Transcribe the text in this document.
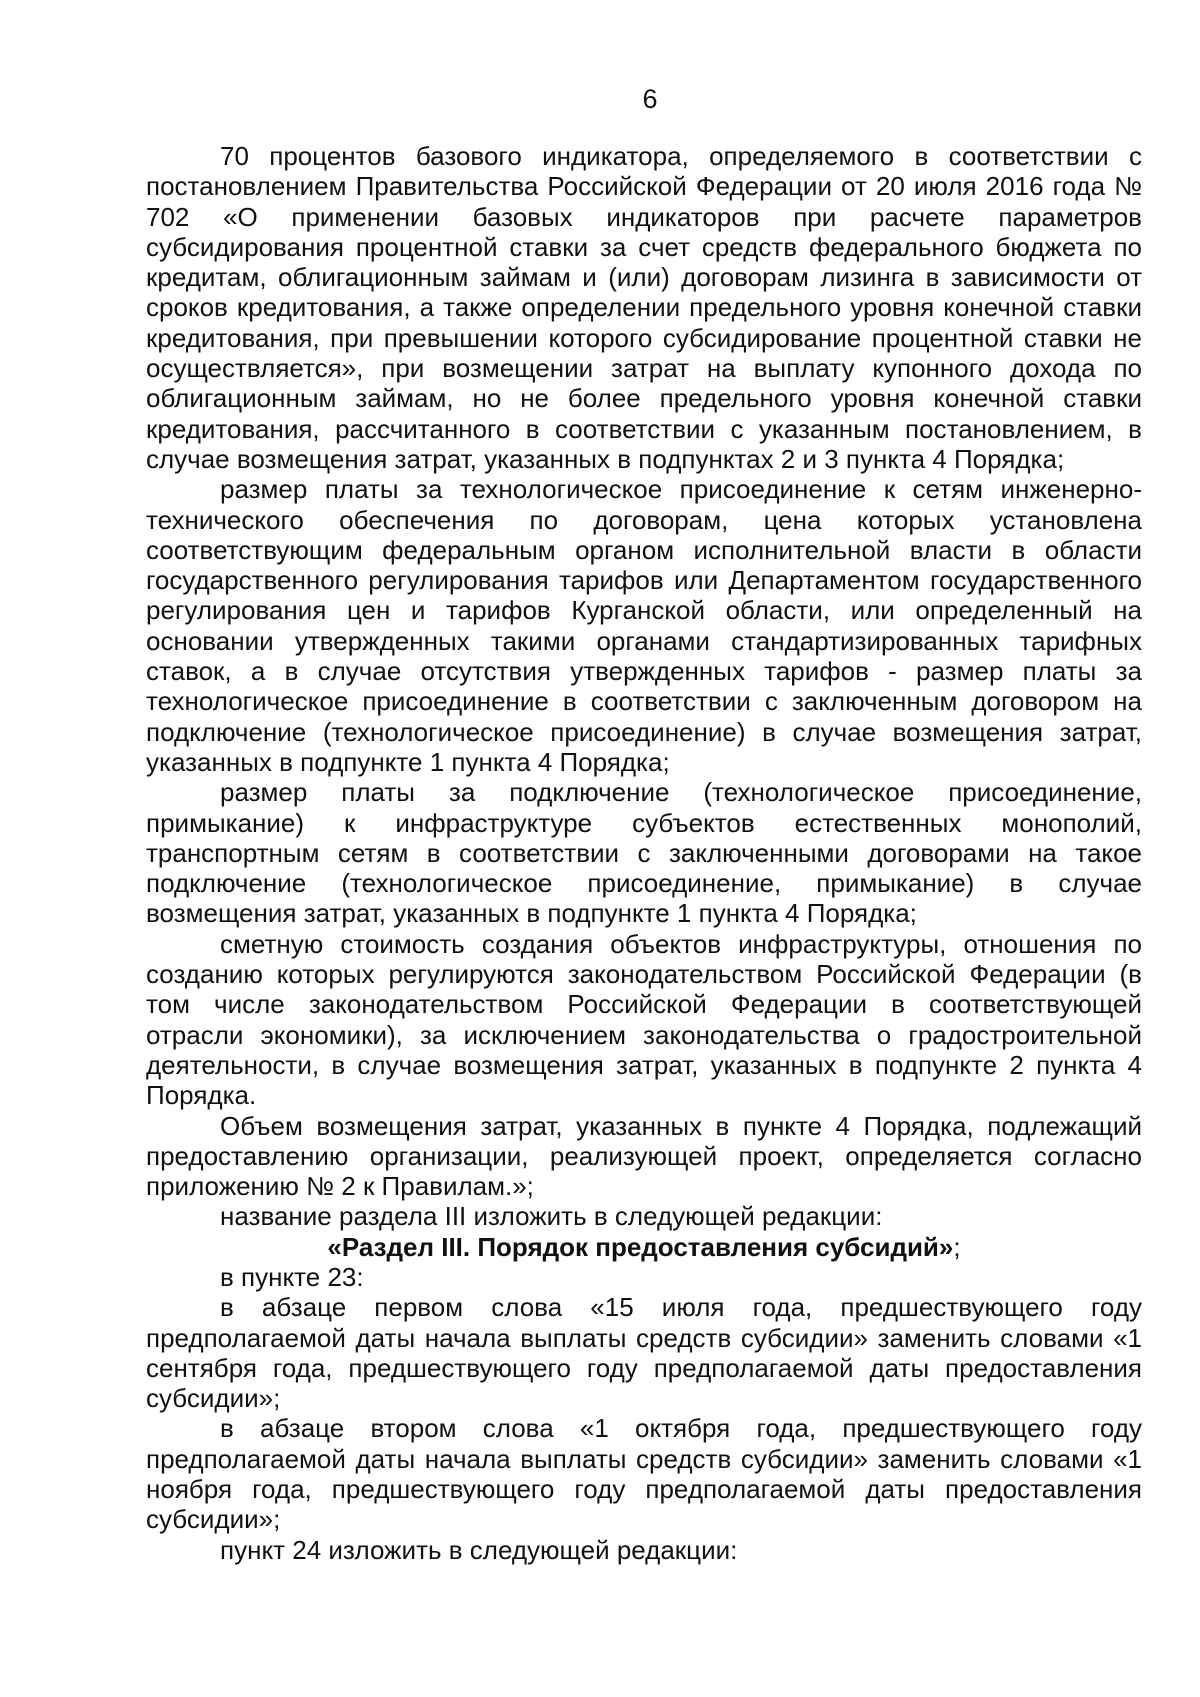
6

70 процентов базового индикатора, определяемого в соответствии с постановлением Правительства Российской Федерации от 20 июля 2016 года № 702 «О применении базовых индикаторов при расчете параметров субсидирования процентной ставки за счет средств федерального бюджета по кредитам, облигационным займам и (или) договорам лизинга в зависимости от сроков кредитования, а также определении предельного уровня конечной ставки кредитования, при превышении которого субсидирование процентной ставки не осуществляется», при возмещении затрат на выплату купонного дохода по облигационным займам, но не более предельного уровня конечной ставки кредитования, рассчитанного в соответствии с указанным постановлением, в случае возмещения затрат, указанных в подпунктах 2 и 3 пункта 4 Порядка;

размер платы за технологическое присоединение к сетям инженерно-технического обеспечения по договорам, цена которых установлена соответствующим федеральным органом исполнительной власти в области государственного регулирования тарифов или Департаментом государственного регулирования цен и тарифов Курганской области, или определенный на основании утвержденных такими органами стандартизированных тарифных ставок, а в случае отсутствия утвержденных тарифов - размер платы за технологическое присоединение в соответствии с заключенным договором на подключение (технологическое присоединение) в случае возмещения затрат, указанных в подпункте 1 пункта 4 Порядка;

размер платы за подключение (технологическое присоединение, примыкание) к инфраструктуре субъектов естественных монополий, транспортным сетям в соответствии с заключенными договорами на такое подключение (технологическое присоединение, примыкание) в случае возмещения затрат, указанных в подпункте 1 пункта 4 Порядка;

сметную стоимость создания объектов инфраструктуры, отношения по созданию которых регулируются законодательством Российской Федерации (в том числе законодательством Российской Федерации в соответствующей отрасли экономики), за исключением законодательства о градостроительной деятельности, в случае возмещения затрат, указанных в подпункте 2 пункта 4 Порядка.

Объем возмещения затрат, указанных в пункте 4 Порядка, подлежащий предоставлению организации, реализующей проект, определяется согласно приложению № 2 к Правилам.»;

название раздела III изложить в следующей редакции:

«Раздел III. Порядок предоставления субсидий»;

в пункте 23:

в абзаце первом слова «15 июля года, предшествующего году предполагаемой даты начала выплаты средств субсидии» заменить словами «1 сентября года, предшествующего году предполагаемой даты предоставления субсидии»;

в абзаце втором слова «1 октября года, предшествующего году предполагаемой даты начала выплаты средств субсидии» заменить словами «1 ноября года, предшествующего году предполагаемой даты предоставления субсидии»;

пункт 24 изложить в следующей редакции:
